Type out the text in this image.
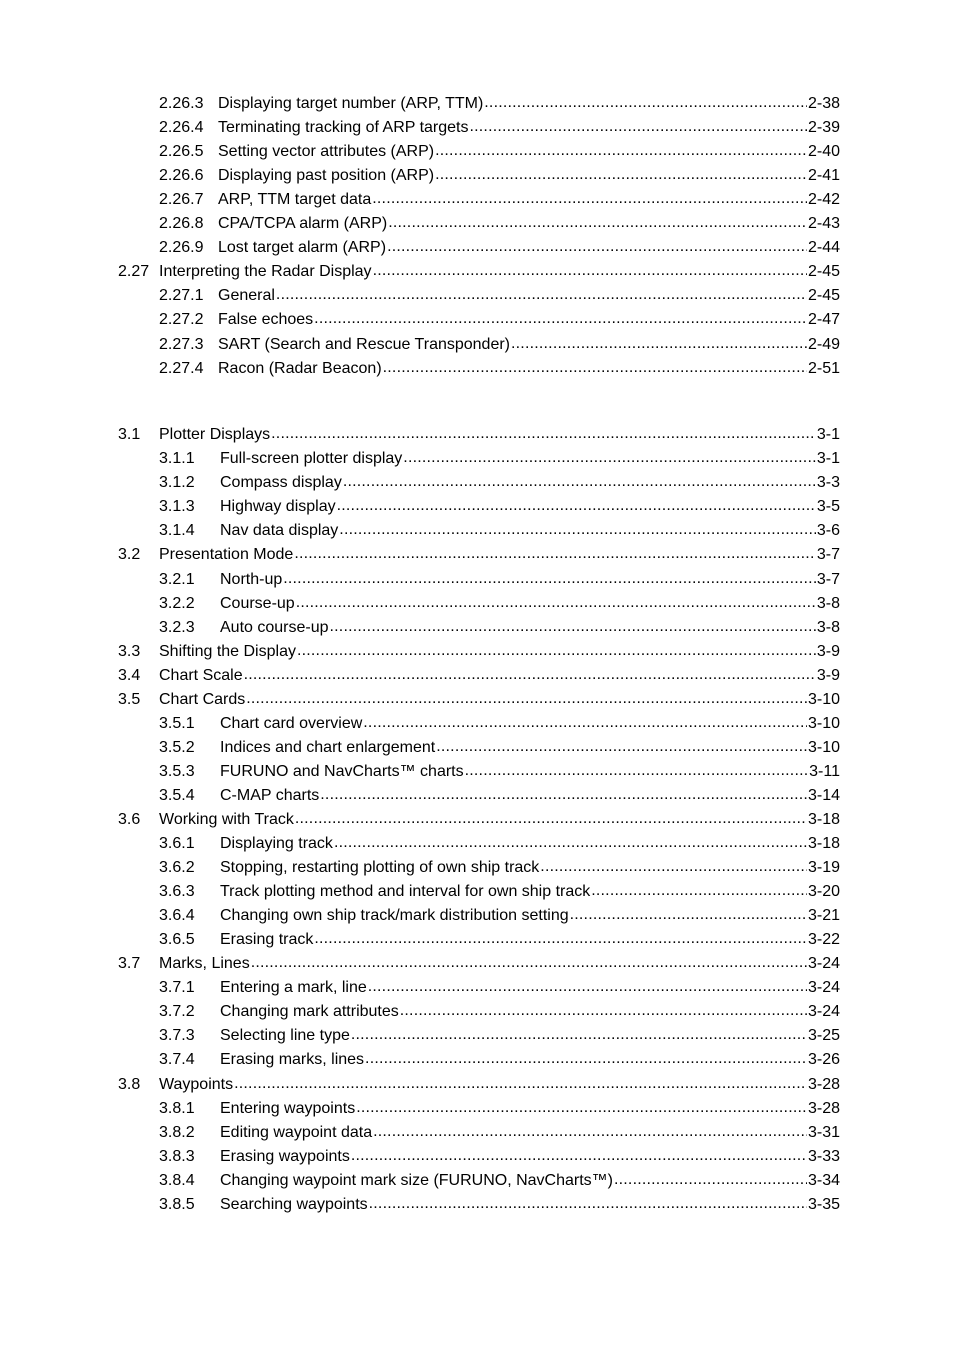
2.26.3 Displaying target number (ARP, TTM) .....	2-38
2.26.4 Terminating tracking of ARP targets .....	2-39
2.26.5 Setting vector attributes (ARP) .....	2-40
2.26.6 Displaying past position (ARP) .....	2-41
2.26.7 ARP, TTM target data .....	2-42
2.26.8 CPA/TCPA alarm (ARP) .....	2-43
2.26.9 Lost target alarm (ARP) .....	2-44
2.27 Interpreting the Radar Display .....	2-45
2.27.1 General .....	2-45
2.27.2 False echoes .....	2-47
2.27.3 SART (Search and Rescue Transponder) .....	2-49
2.27.4 Racon (Radar Beacon) .....	2-51
3.1	Plotter Displays .....	3-1
3.1.1	Full-screen plotter display .....	3-1
3.1.2	Compass display .....	3-3
3.1.3	Highway display .....	3-5
3.1.4	Nav data display .....	3-6
3.2	Presentation Mode .....	3-7
3.2.1	North-up .....	3-7
3.2.2	Course-up .....	3-8
3.2.3	Auto course-up .....	3-8
3.3	Shifting the Display .....	3-9
3.4	Chart Scale .....	3-9
3.5	Chart Cards .....	3-10
3.5.1	Chart card overview .....	3-10
3.5.2	Indices and chart enlargement .....	3-10
3.5.3	FURUNO and NavCharts™ charts .....	3-11
3.5.4	C-MAP charts .....	3-14
3.6	Working with Track .....	3-18
3.6.1	Displaying track .....	3-18
3.6.2	Stopping, restarting plotting of own ship track .....	3-19
3.6.3	Track plotting method and interval for own ship track .....	3-20
3.6.4	Changing own ship track/mark distribution setting .....	3-21
3.6.5	Erasing track .....	3-22
3.7	Marks, Lines .....	3-24
3.7.1	Entering a mark, line .....	3-24
3.7.2	Changing mark attributes .....	3-24
3.7.3	Selecting line type .....	3-25
3.7.4	Erasing marks, lines .....	3-26
3.8	Waypoints .....	3-28
3.8.1	Entering waypoints .....	3-28
3.8.2	Editing waypoint data .....	3-31
3.8.3	Erasing waypoints .....	3-33
3.8.4	Changing waypoint mark size (FURUNO, NavCharts™) .....	3-34
3.8.5	Searching waypoints .....	3-35
